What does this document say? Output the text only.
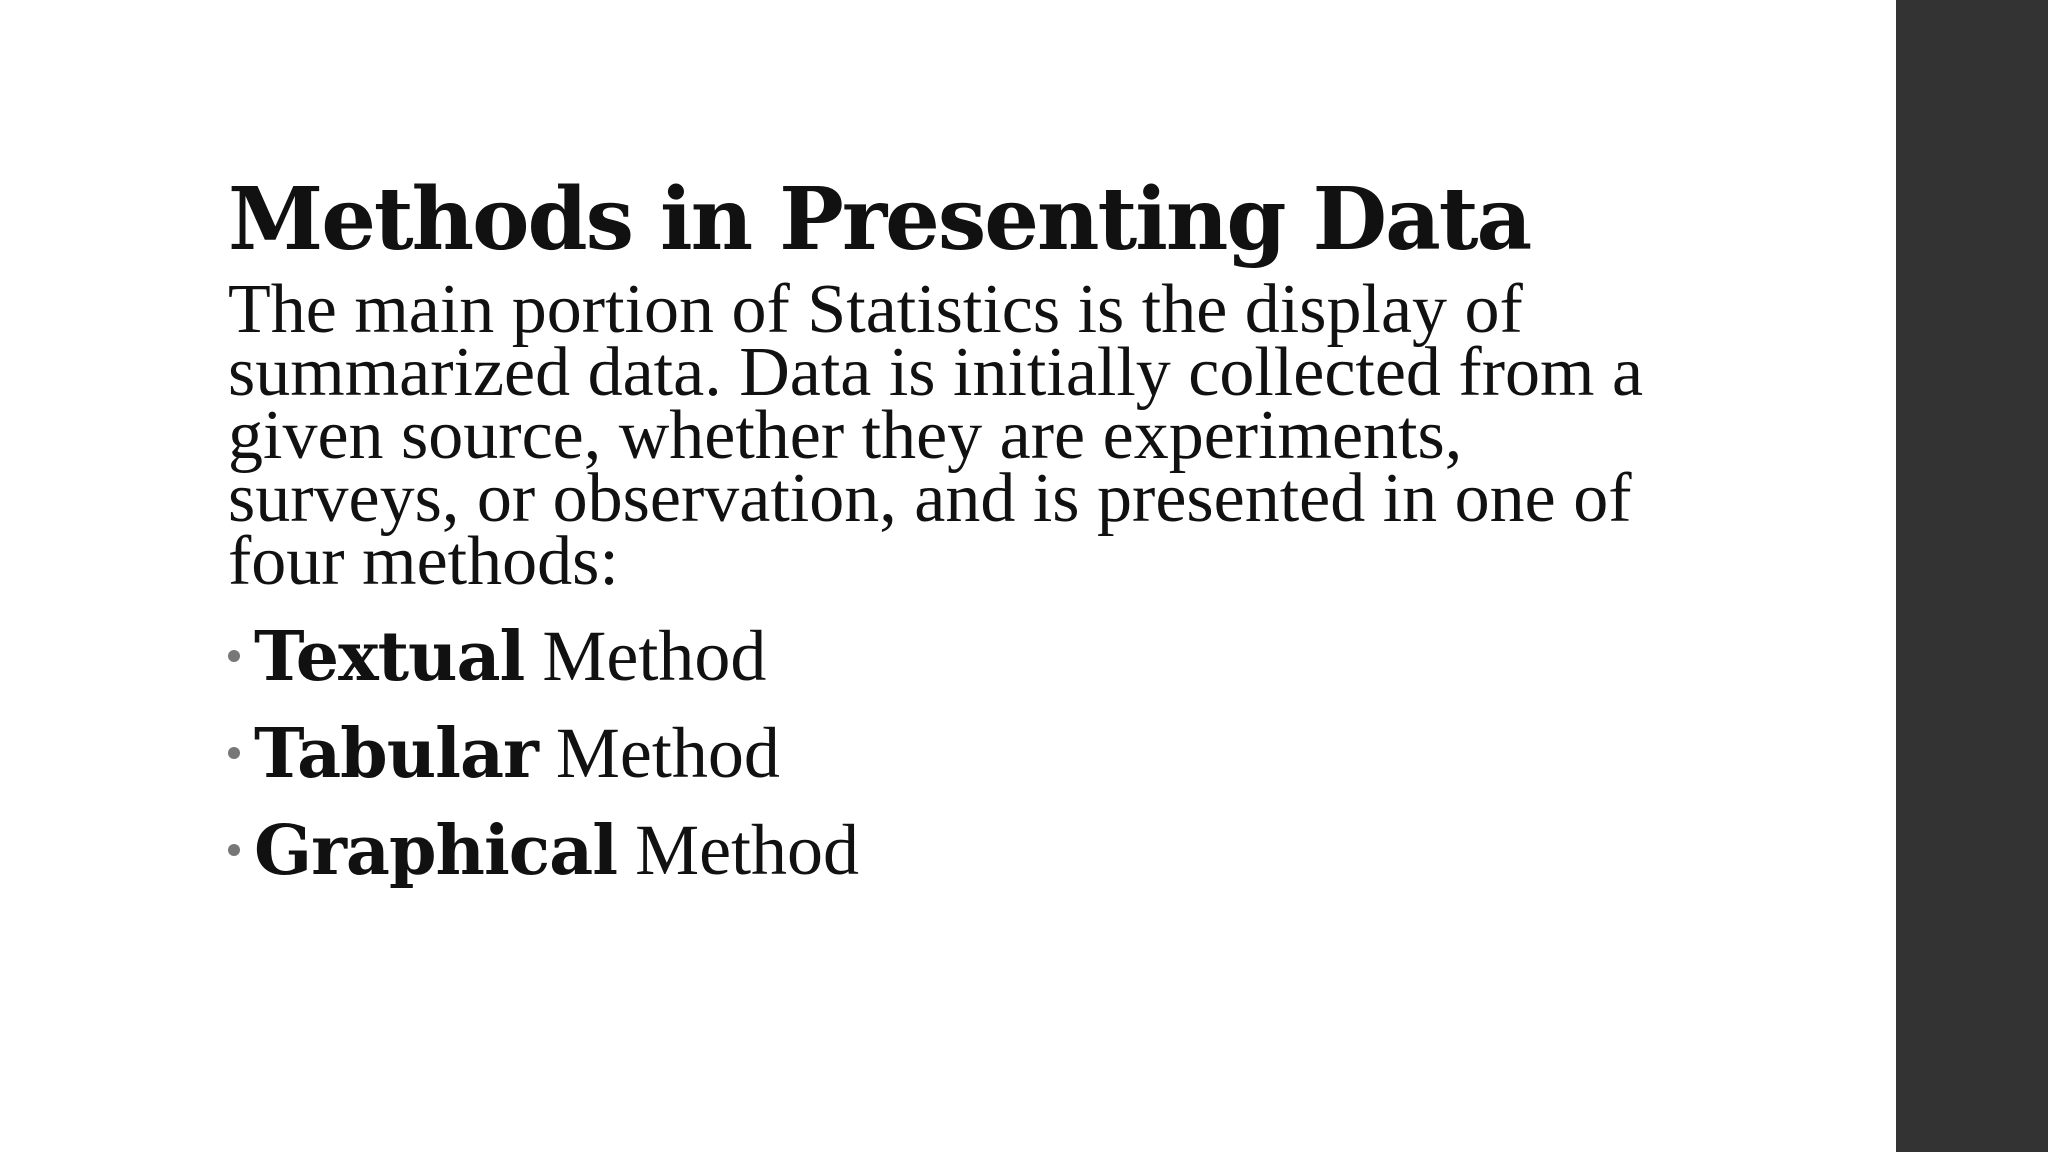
Methods in Presenting Data

The main portion of Statistics is the display of summarized data. Data is initially collected from a given source, whether they are experiments, surveys, or observation, and is presented in one of four methods:

Textual Method
Tabular Method
Graphical Method
